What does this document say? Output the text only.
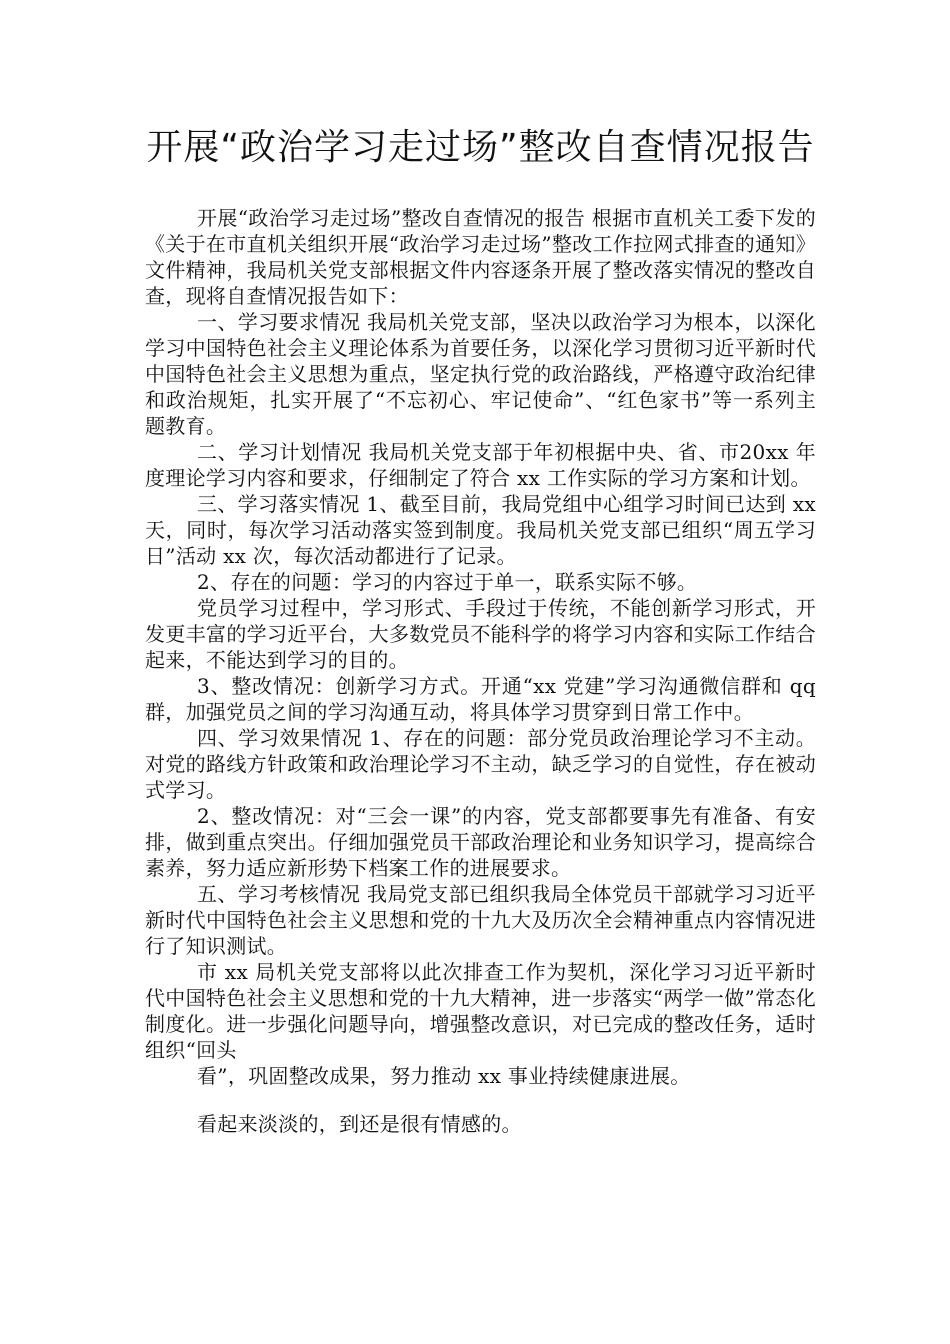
开展“政治学习走过场”整改自查情况报告

开展“政治学习走过场”整改自查情况的报告 根据市直机关工委下发的《关于在市直机关组织开展“政治学习走过场”整改工作拉网式排查的通知》文件精神，我局机关党支部根据文件内容逐条开展了整改落实情况的整改自查，现将自查情况报告如下：

一、学习要求情况 我局机关党支部，坚决以政治学习为根本，以深化学习中国特色社会主义理论体系为首要任务，以深化学习贯彻习近平新时代中国特色社会主义思想为重点，坚定执行党的政治路线，严格遵守政治纪律和政治规矩，扎实开展了“不忘初心、牢记使命”、“红色家书”等一系列主题教育。

二、学习计划情况 我局机关党支部于年初根据中央、省、市20xx 年度理论学习内容和要求，仔细制定了符合 xx 工作实际的学习方案和计划。

三、学习落实情况 1、截至目前，我局党组中心组学习时间已达到 xx 天，同时，每次学习活动落实签到制度。我局机关党支部已组织“周五学习日”活动 xx 次，每次活动都进行了记录。

2、存在的问题：学习的内容过于单一，联系实际不够。

党员学习过程中，学习形式、手段过于传统，不能创新学习形式，开发更丰富的学习近平台，大多数党员不能科学的将学习内容和实际工作结合起来，不能达到学习的目的。

3、整改情况：创新学习方式。开通“xx 党建”学习沟通微信群和 qq 群，加强党员之间的学习沟通互动，将具体学习贯穿到日常工作中。

四、学习效果情况 1、存在的问题：部分党员政治理论学习不主动。对党的路线方针政策和政治理论学习不主动，缺乏学习的自觉性，存在被动式学习。

2、整改情况：对“三会一课”的内容，党支部都要事先有准备、有安排，做到重点突出。仔细加强党员干部政治理论和业务知识学习，提高综合素养，努力适应新形势下档案工作的进展要求。

五、学习考核情况 我局党支部已组织我局全体党员干部就学习习近平新时代中国特色社会主义思想和党的十九大及历次全会精神重点内容情况进行了知识测试。

市 xx 局机关党支部将以此次排查工作为契机，深化学习习近平新时代中国特色社会主义思想和党的十九大精神，进一步落实“两学一做”常态化制度化。进一步强化问题导向，增强整改意识，对已完成的整改任务，适时组织“回头

看”，巩固整改成果，努力推动 xx 事业持续健康进展。

看起来淡淡的，到还是很有情感的。
